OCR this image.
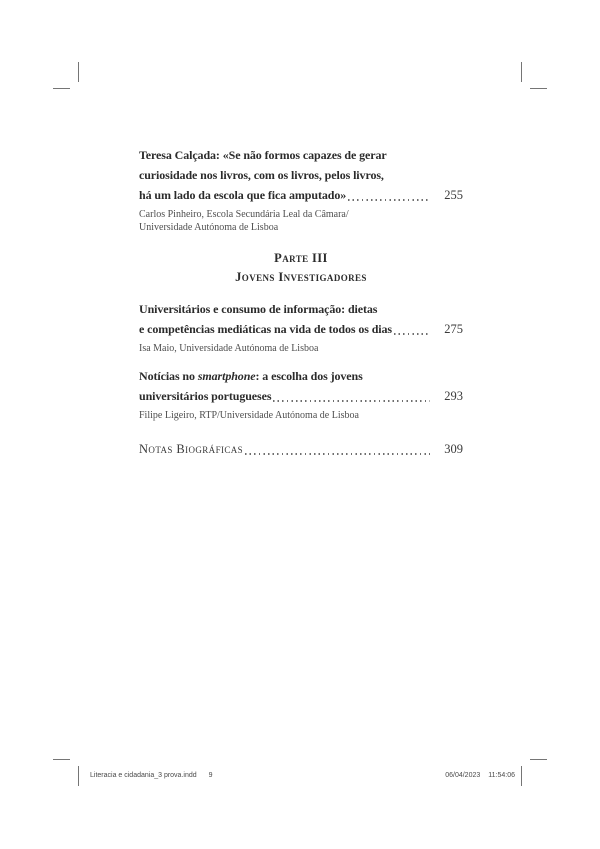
Teresa Calçada: «Se não formos capazes de gerar
curiosidade nos livros, com os livros, pelos livros,
há um lado da escola que fica amputado»	255
Carlos Pinheiro, Escola Secundária Leal da Câmara/
Universidade Autónoma de Lisboa
Parte III
Jovens Investigadores
Universitários e consumo de informação: dietas
e competências mediáticas na vida de todos os dias	275
Isa Maio, Universidade Autónoma de Lisboa
Notícias no smartphone: a escolha dos jovens
universitários portugueses	293
Filipe Ligeiro, RTP/Universidade Autónoma de Lisboa
Notas Biográficas	309
Literacia e cidadania_3 prova.indd 9	06/04/2023 11:54:06
